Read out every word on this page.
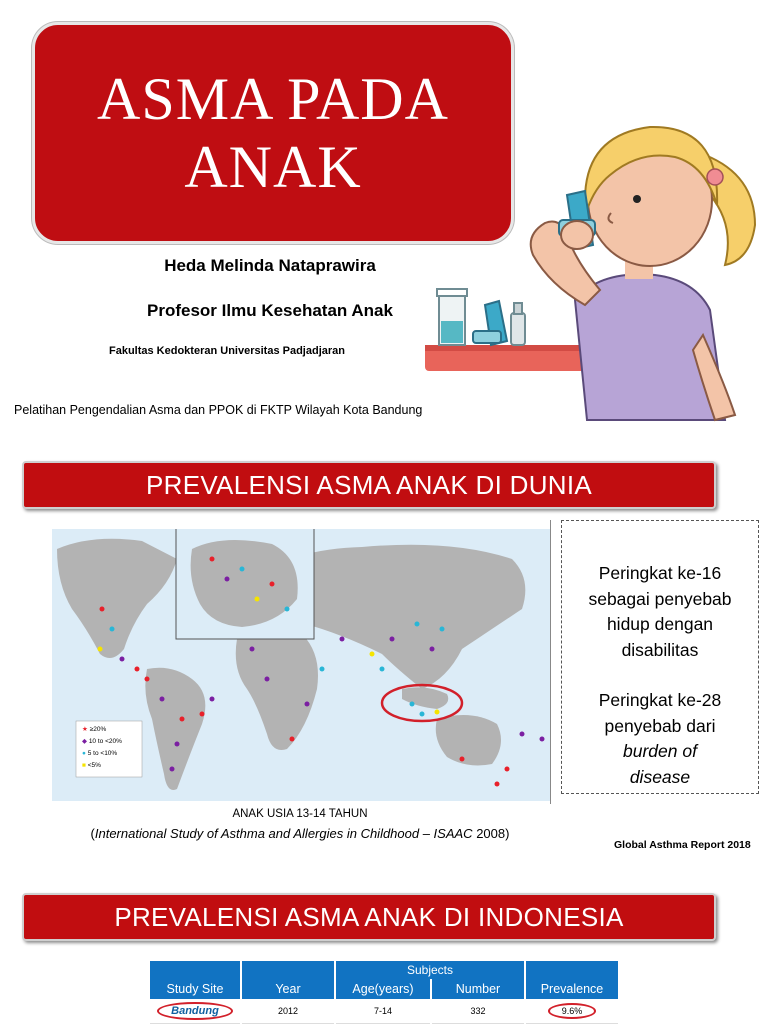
ASMA PADA
ANAK
Heda Melinda Nataprawira
Profesor Ilmu Kesehatan Anak
Fakultas Kedokteran Universitas Padjadjaran
Pelatihan Pengendalian Asma dan PPOK di FKTP Wilayah Kota Bandung
PREVALENSI ASMA ANAK DI DUNIA
★ ≥20%
◆ 10 to <20%
● 5 to <10%
■ <5%
ANAK USIA 13-14 TAHUN
(International Study of Asthma and Allergies in Childhood – ISAAC 2008)
Global Asthma Report 2018

Peringkat ke-16

sebagai penyebab

hidup dengan

disabilitas

Peringkat ke-28

penyebab dari

burden of

disease

PREVALENSI ASMA ANAK DI INDONESIA
		Subjects		
Study Site	Year	Age(years)	Number	Prevalence
Bandung	2012	7-14	332	9.6%
